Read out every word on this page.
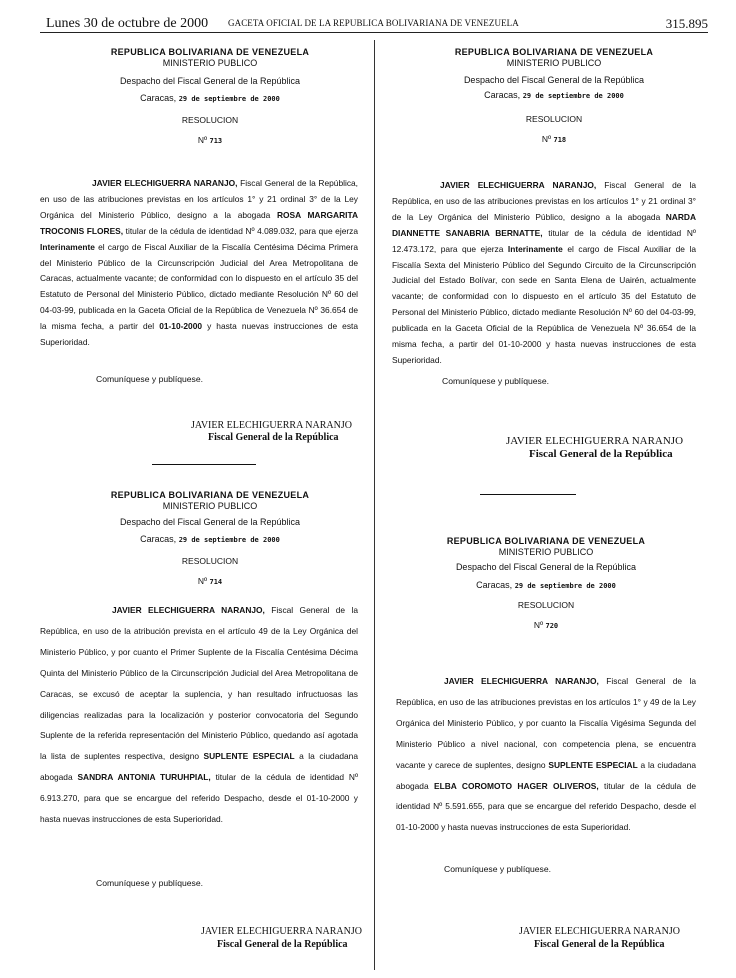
Lunes 30 de octubre de 2000 GACETA OFICIAL DE LA REPUBLICA BOLIVARIANA DE VENEZUELA	315.895
REPUBLICA BOLIVARIANA DE VENEZUELA
MINISTERIO PUBLICO
Despacho del Fiscal General de la República
Caracas, 29 de septiembre de 2000
RESOLUCION
Nº 713
JAVIER ELECHIGUERRA NARANJO, Fiscal General de la República, en uso de las atribuciones previstas en los artículos 1° y 21 ordinal 3° de la Ley Orgánica del Ministerio Público, designo a la abogada ROSA MARGARITA TROCONIS FLORES, titular de la cédula de identidad Nº 4.089.032, para que ejerza Interinamente el cargo de Fiscal Auxiliar de la Fiscalía Centésima Décima Primera del Ministerio Público de la Circunscripción Judicial del Area Metropolitana de Caracas, actualmente vacante; de conformidad con lo dispuesto en el artículo 35 del Estatuto de Personal del Ministerio Público, dictado mediante Resolución Nº 60 del 04-03-99, publicada en la Gaceta Oficial de la República de Venezuela Nº 36.654 de la misma fecha, a partir del 01-10-2000 y hasta nuevas instrucciones de esta Superioridad.
Comuníquese y publíquese.
JAVIER ELECHIGUERRA NARANJO
Fiscal General de la República
REPUBLICA BOLIVARIANA DE VENEZUELA
MINISTERIO PUBLICO
Despacho del Fiscal General de la República
Caracas, 29 de septiembre de 2000
RESOLUCION
Nº 714
JAVIER ELECHIGUERRA NARANJO, Fiscal General de la República, en uso de la atribución prevista en el artículo 49 de la Ley Orgánica del Ministerio Público, y por cuanto el Primer Suplente de la Fiscalía Centésima Décima Quinta del Ministerio Público de la Circunscripción Judicial del Area Metropolitana de Caracas, se excusó de aceptar la suplencia, y han resultado infructuosas las diligencias realizadas para la localización y posterior convocatoria del Segundo Suplente de la referida representación del Ministerio Público, quedando así agotada la lista de suplentes respectiva, designo SUPLENTE ESPECIAL a la ciudadana abogada SANDRA ANTONIA TURUHPIAL, titular de la cédula de identidad Nº 6.913.270, para que se encargue del referido Despacho, desde el 01-10-2000 y hasta nuevas instrucciones de esta Superioridad.
Comuníquese y publíquese.
JAVIER ELECHIGUERRA NARANJO
Fiscal General de la República
REPUBLICA BOLIVARIANA DE VENEZUELA
MINISTERIO PUBLICO
Despacho del Fiscal General de la República
Caracas, 29 de septiembre de 2000
RESOLUCION
Nº 718
JAVIER ELECHIGUERRA NARANJO, Fiscal General de la República, en uso de las atribuciones previstas en los artículos 1° y 21 ordinal 3° de la Ley Orgánica del Ministerio Público, designo a la abogada NARDA DIANNETTE SANABRIA BERNATTE, titular de la cédula de identidad Nº 12.473.172, para que ejerza Interinamente el cargo de Fiscal Auxiliar de la Fiscalía Sexta del Ministerio Público del Segundo Circuito de la Circunscripción Judicial del Estado Bolívar, con sede en Santa Elena de Uairén, actualmente vacante; de conformidad con lo dispuesto en el artículo 35 del Estatuto de Personal del Ministerio Público, dictado mediante Resolución Nº 60 del 04-03-99, publicada en la Gaceta Oficial de la República de Venezuela Nº 36.654 de la misma fecha, a partir del 01-10-2000 y hasta nuevas instrucciones de esta Superioridad.
Comuníquese y publíquese.
JAVIER ELECHIGUERRA NARANJO
Fiscal General de la República
REPUBLICA BOLIVARIANA DE VENEZUELA
MINISTERIO PUBLICO
Despacho del Fiscal General de la República
Caracas, 29 de septiembre de 2000
RESOLUCION
Nº 720
JAVIER ELECHIGUERRA NARANJO, Fiscal General de la República, en uso de las atribuciones previstas en los artículos 1° y 49 de la Ley Orgánica del Ministerio Público, y por cuanto la Fiscalía Vigésima Segunda del Ministerio Público a nivel nacional, con competencia plena, se encuentra vacante y carece de suplentes, designo SUPLENTE ESPECIAL a la ciudadana abogada ELBA COROMOTO HAGER OLIVEROS, titular de la cédula de identidad Nº 5.591.655, para que se encargue del referido Despacho, desde el 01-10-2000 y hasta nuevas instrucciones de esta Superioridad.
Comuníquese y publíquese.
JAVIER ELECHIGUERRA NARANJO
Fiscal General de la República
